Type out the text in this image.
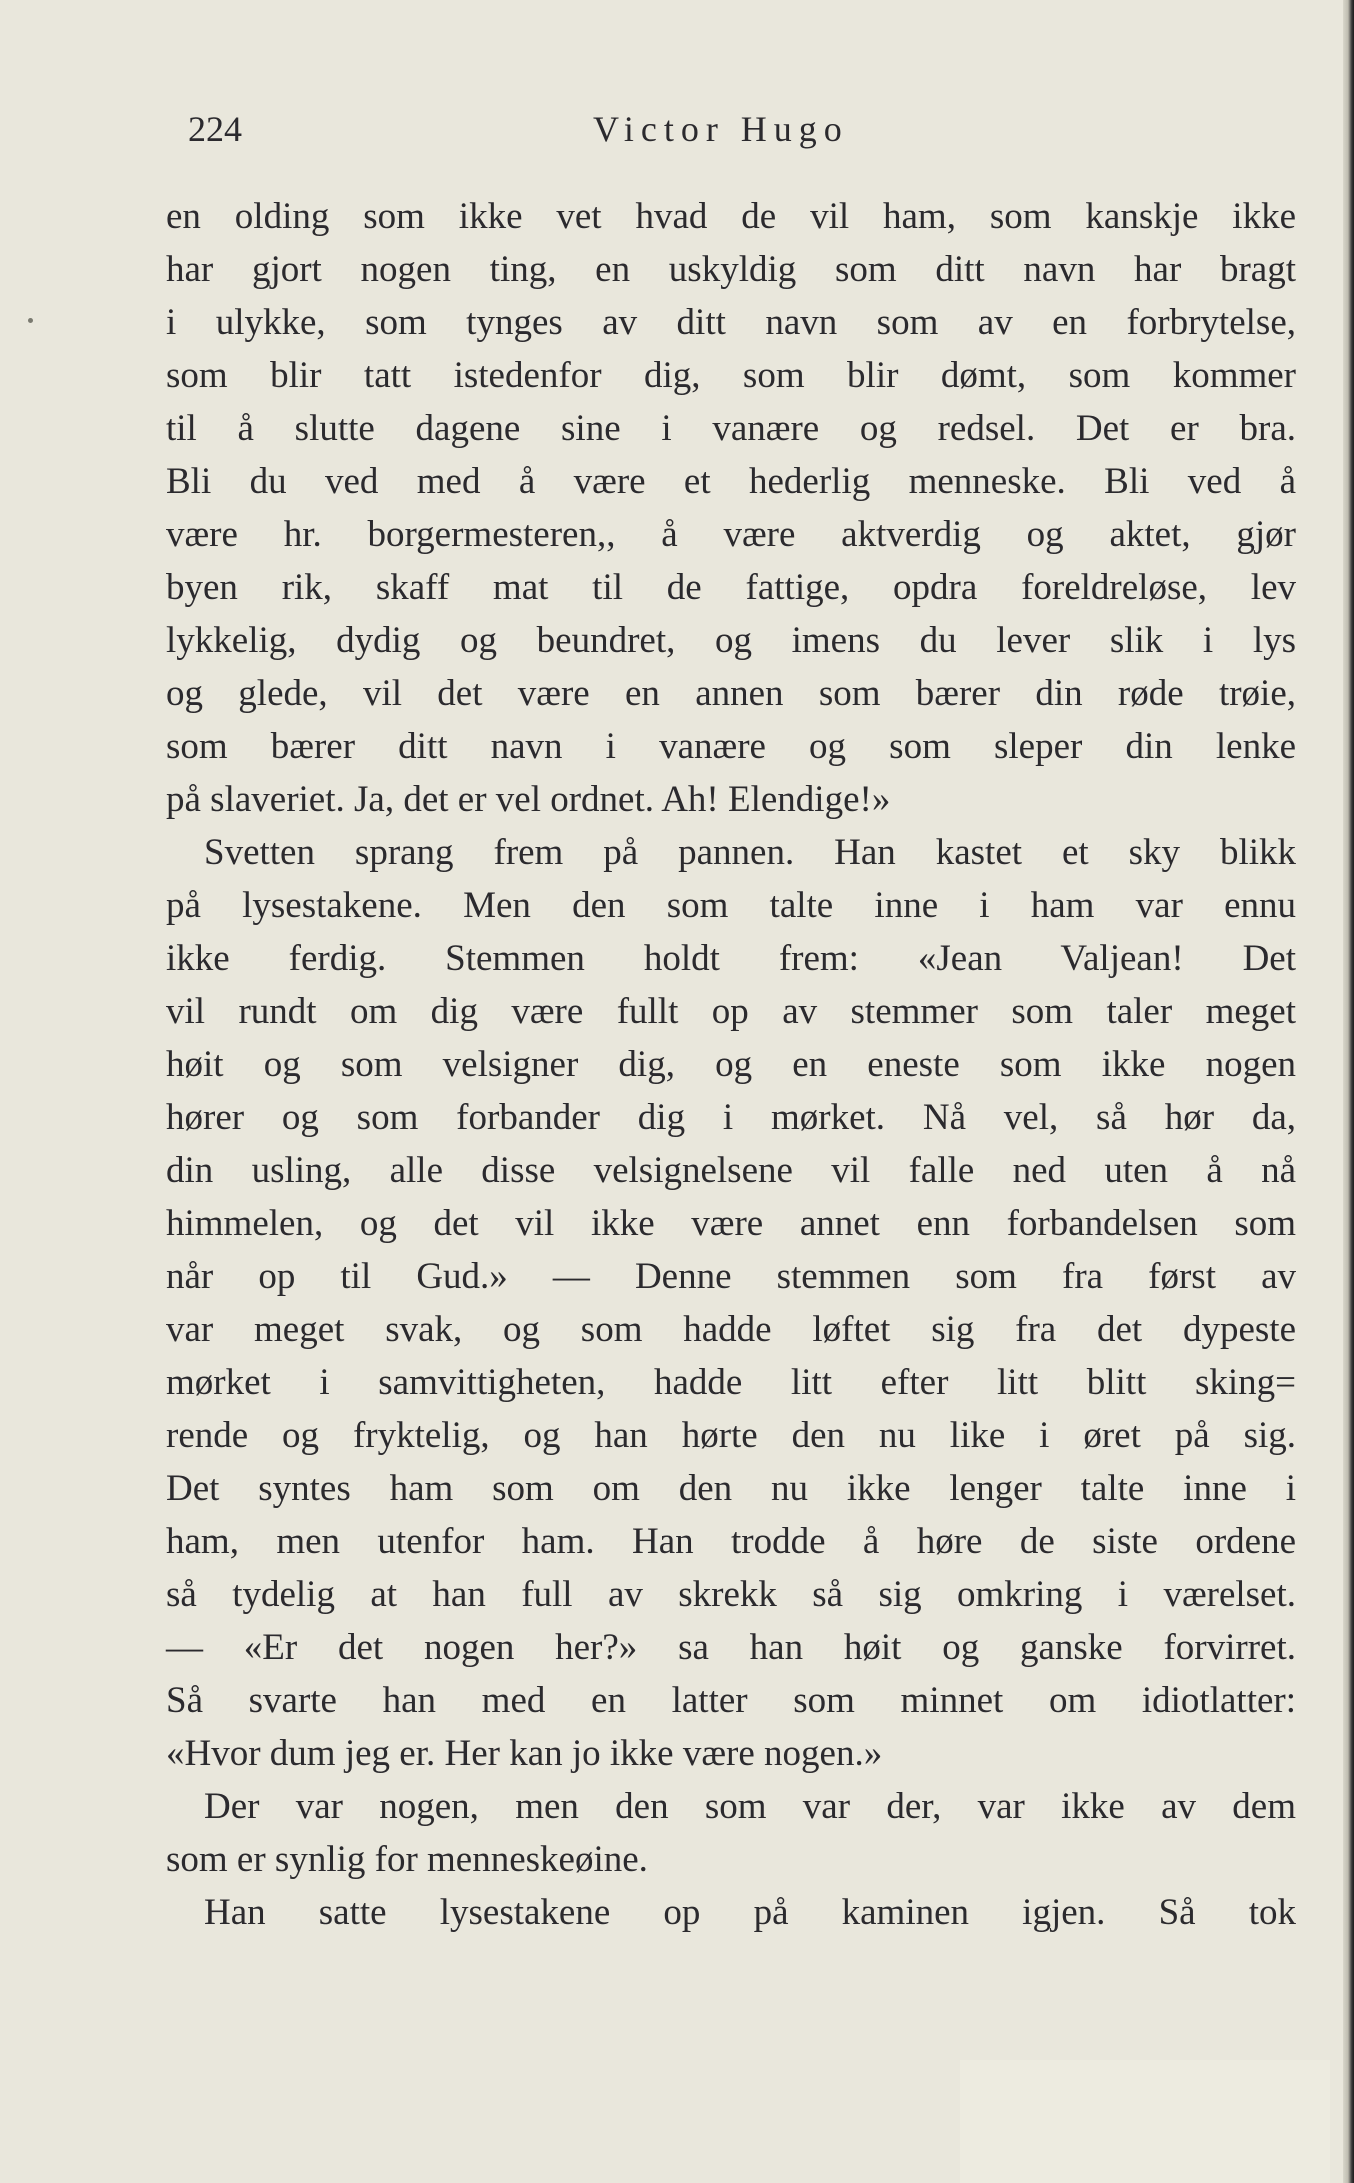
224	Victor Hugo
en olding som ikke vet hvad de vil ham, som kanskje ikke
har gjort nogen ting, en uskyldig som ditt navn har bragt
i ulykke, som tynges av ditt navn som av en forbrytelse,
som blir tatt istedenfor dig, som blir dømt, som kommer
til å slutte dagene sine i vanære og redsel. Det er bra.
Bli du ved med å være et hederlig menneske. Bli ved å
være hr. borgermesteren,, å være aktverdig og aktet, gjør
byen rik, skaff mat til de fattige, opdra foreldreløse, lev
lykkelig, dydig og beundret, og imens du lever slik i lys
og glede, vil det være en annen som bærer din røde trøie,
som bærer ditt navn i vanære og som sleper din lenke
på slaveriet. Ja, det er vel ordnet. Ah! Elendige!»
Svetten sprang frem på pannen. Han kastet et sky blikk
på lysestakene. Men den som talte inne i ham var ennu
ikke ferdig. Stemmen holdt frem: «Jean Valjean! Det
vil rundt om dig være fullt op av stemmer som taler meget
høit og som velsigner dig, og en eneste som ikke nogen
hører og som forbander dig i mørket. Nå vel, så hør da,
din usling, alle disse velsignelsene vil falle ned uten å nå
himmelen, og det vil ikke være annet enn forbandelsen som
når op til Gud.» — Denne stemmen som fra først av
var meget svak, og som hadde løftet sig fra det dypeste
mørket i samvittigheten, hadde litt efter litt blitt sking=
rende og fryktelig, og han hørte den nu like i øret på sig.
Det syntes ham som om den nu ikke lenger talte inne i
ham, men utenfor ham. Han trodde å høre de siste ordene
så tydelig at han full av skrekk så sig omkring i værelset.
— «Er det nogen her?» sa han høit og ganske forvirret.
Så svarte han med en latter som minnet om idiotlatter:
«Hvor dum jeg er. Her kan jo ikke være nogen.»
Der var nogen, men den som var der, var ikke av dem
som er synlig for menneskeøine.
Han satte lysestakene op på kaminen igjen. Så tok
